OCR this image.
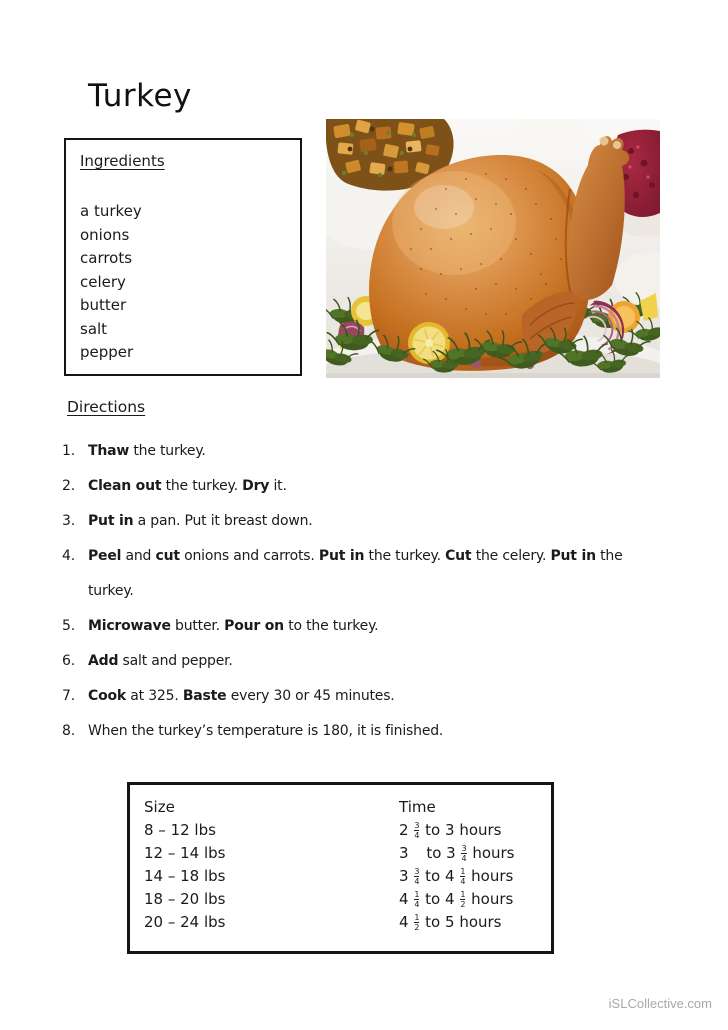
Turkey
Ingredients
a turkey
onions
carrots
celery
butter
salt
pepper
Directions
1. Thaw the turkey.
2. Clean out the turkey. Dry it.
3. Put in a pan. Put it breast down.
4. Peel and cut onions and carrots. Put in the turkey. Cut the celery. Put in the
turkey.
5. Microwave butter. Pour on to the turkey.
6. Add salt and pepper.
7. Cook at 325. Baste every 30 or 45 minutes.
8. When the turkey’s temperature is 180, it is finished.
Size	Time
8 – 12 lbs	$2 \frac{3}{4}$ to 3 hours
12 – 14 lbs	3 to $3 \frac{3}{4}$ hours
14 – 18 lbs	$3 \frac{3}{4}$ to $4 \frac{1}{4}$ hours
18 – 20 lbs	$4 \frac{1}{4}$ to $4 \frac{1}{2}$ hours
20 – 24 lbs	$4 \frac{1}{2}$ to 5 hours
iSLCollective.com
